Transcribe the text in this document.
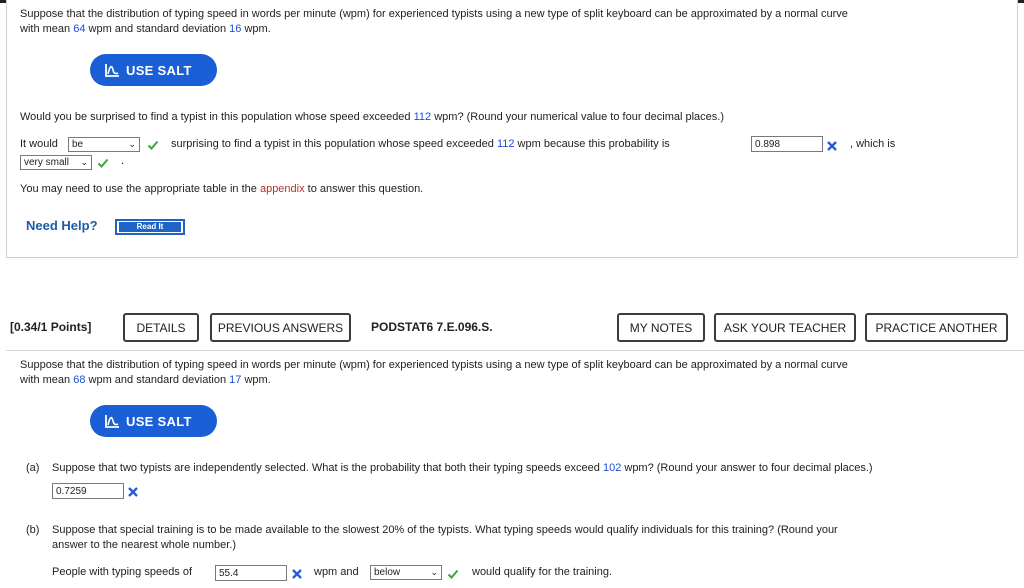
Suppose that the distribution of typing speed in words per minute (wpm) for experienced typists using a new type of split keyboard can be approximated by a normal curve
with mean 64 wpm and standard deviation 16 wpm.
USE SALT
Would you be surprised to find a typist in this population whose speed exceeded 112 wpm? (Round your numerical value to four decimal places.)
It would be	⌄	surprising to find a typist in this population whose speed exceeded 112 wpm because this probability is	0.898	, which is
very small ⌄	.
You may need to use the appropriate table in the appendix to answer this question.
Need Help?	Read It
[0.34/1 Points]	DETAILS	PREVIOUS ANSWERS	PODSTAT6 7.E.096.S.	MY NOTES	ASK YOUR TEACHER	PRACTICE ANOTHER
Suppose that the distribution of typing speed in words per minute (wpm) for experienced typists using a new type of split keyboard can be approximated by a normal curve
with mean 68 wpm and standard deviation 17 wpm.
USE SALT
(a) Suppose that two typists are independently selected. What is the probability that both their typing speeds exceed 102 wpm? (Round your answer to four decimal places.)
0.7259
(b) Suppose that special training is to be made available to the slowest 20% of the typists. What typing speeds would qualify individuals for this training? (Round your
answer to the nearest whole number.)
People with typing speeds of	55.4	wpm and below	⌄	would qualify for the training.
